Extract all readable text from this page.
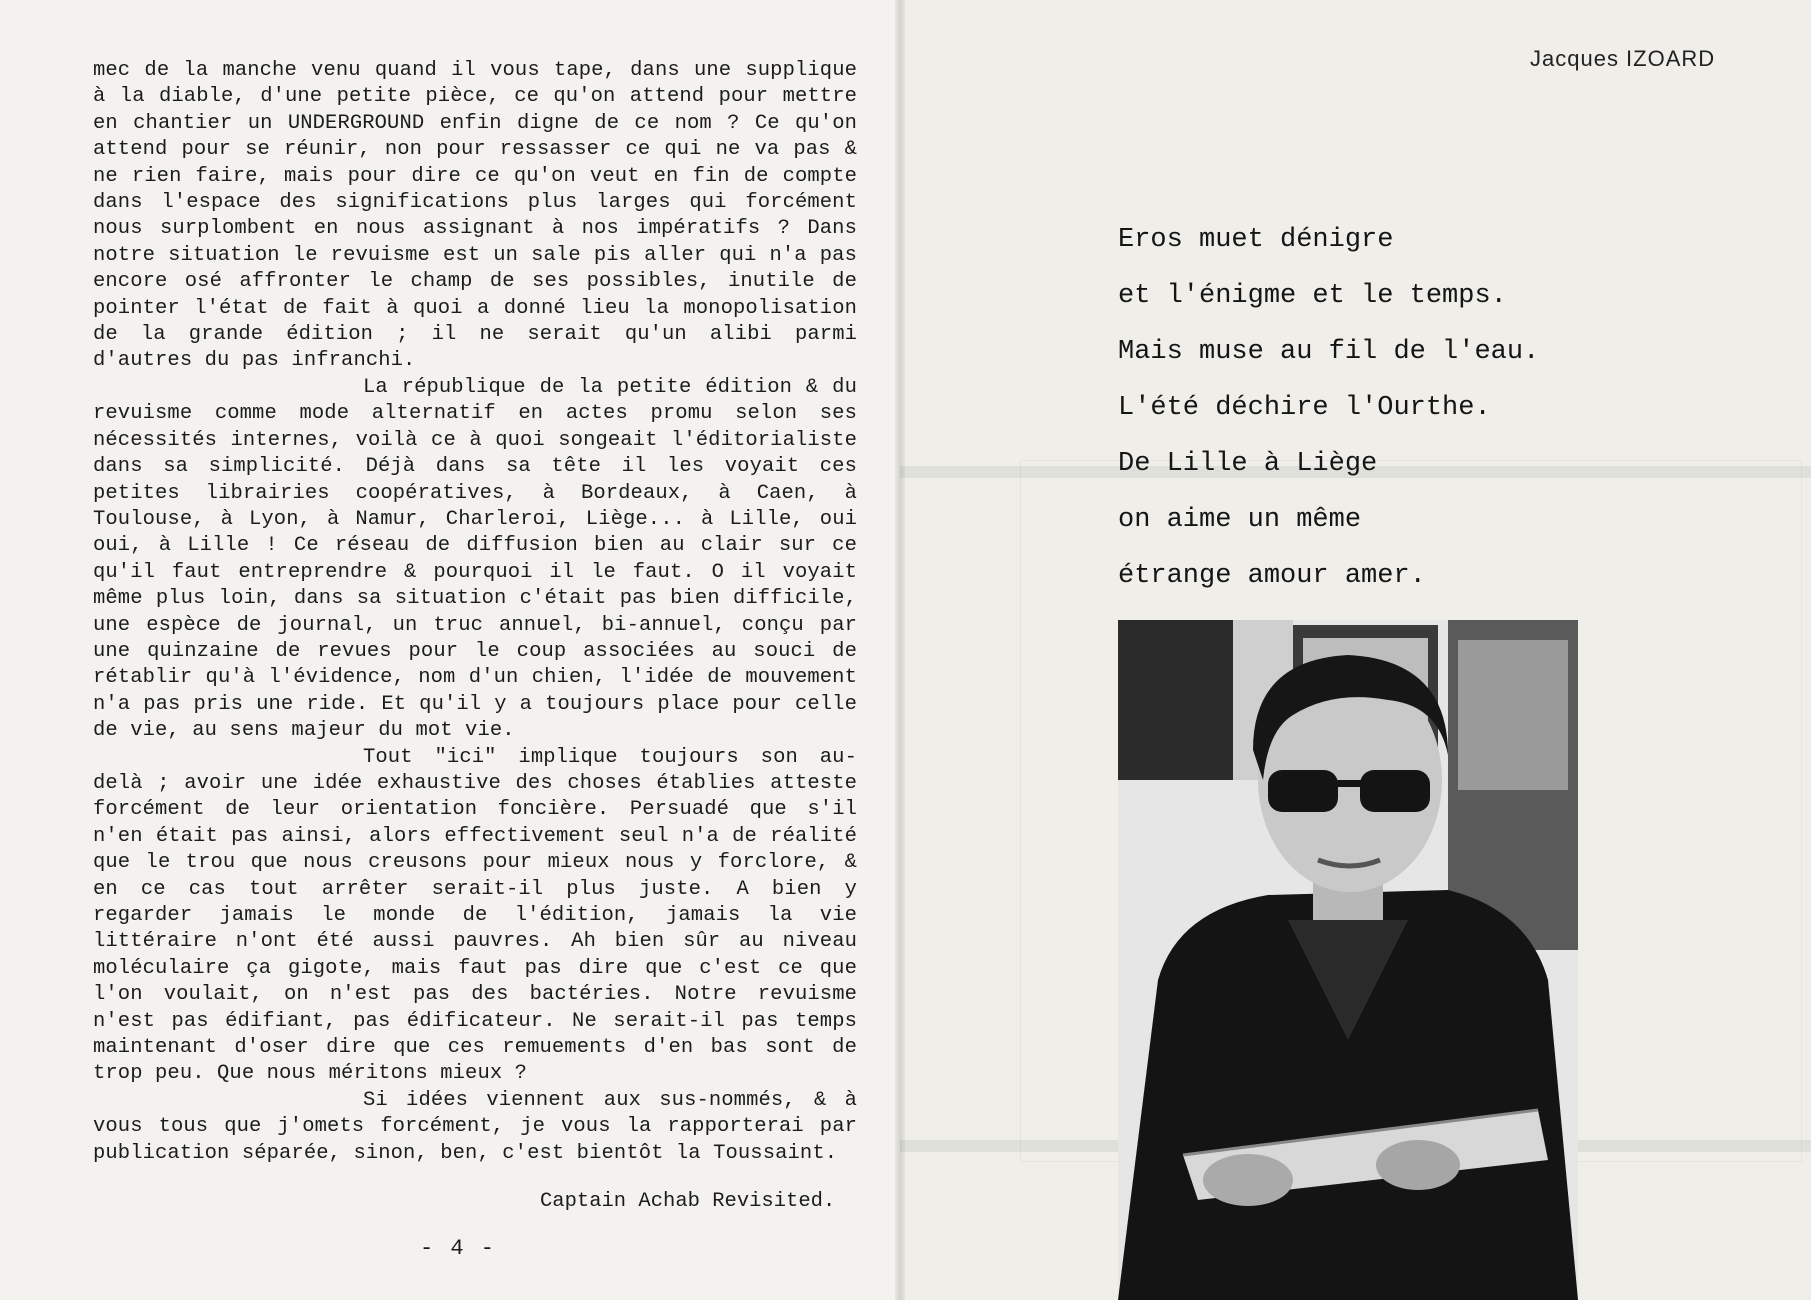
mec de la manche venu quand il vous tape, dans une supplique à la diable, d'une petite pièce, ce qu'on attend pour mettre en chantier un UNDERGROUND enfin digne de ce nom ? Ce qu'on attend pour se réunir, non pour ressasser ce qui ne va pas & ne rien faire, mais pour dire ce qu'on veut en fin de compte dans l'espace des significations plus larges qui forcément nous surplombent en nous assignant à nos impératifs ? Dans notre situation le revuisme est un sale pis aller qui n'a pas encore osé affronter le champ de ses possibles, inutile de pointer l'état de fait à quoi a donné lieu la monopolisation de la grande édition ; il ne serait qu'un alibi parmi d'autres du pas infranchi.

La république de la petite édition & du revuisme comme mode alternatif en actes promu selon ses nécessités internes, voilà ce à quoi songeait l'éditorialiste dans sa simplicité. Déjà dans sa tête il les voyait ces petites librairies coopératives, à Bordeaux, à Caen, à Toulouse, à Lyon, à Namur, Charleroi, Liège... à Lille, oui oui, à Lille ! Ce réseau de diffusion bien au clair sur ce qu'il faut entreprendre & pourquoi il le faut. O il voyait même plus loin, dans sa situation c'était pas bien difficile, une espèce de journal, un truc annuel, bi-annuel, conçu par une quinzaine de revues pour le coup associées au souci de rétablir qu'à l'évidence, nom d'un chien, l'idée de mouvement n'a pas pris une ride. Et qu'il y a toujours place pour celle de vie, au sens majeur du mot vie.

Tout "ici" implique toujours son au-delà ; avoir une idée exhaustive des choses établies atteste forcément de leur orientation foncière. Persuadé que s'il n'en était pas ainsi, alors effectivement seul n'a de réalité que le trou que nous creusons pour mieux nous y forclore, & en ce cas tout arrêter serait-il plus juste. A bien y regarder jamais le monde de l'édition, jamais la vie littéraire n'ont été aussi pauvres. Ah bien sûr au niveau moléculaire ça gigote, mais faut pas dire que c'est ce que l'on voulait, on n'est pas des bactéries. Notre revuisme n'est pas édifiant, pas édificateur. Ne serait-il pas temps maintenant d'oser dire que ces remuements d'en bas sont de trop peu. Que nous méritons mieux ?

Si idées viennent aux sus-nommés, & à vous tous que j'omets forcément, je vous la rapporterai par publication séparée, sinon, ben, c'est bientôt la Toussaint.

Captain Achab Revisited.
- 4 -
Jacques IZOARD
Eros muet dénigre
et l'énigme et le temps.
Mais muse au fil de l'eau.
L'été déchire l'Ourthe.
De Lille à Liège
on aime un même
étrange amour amer.
